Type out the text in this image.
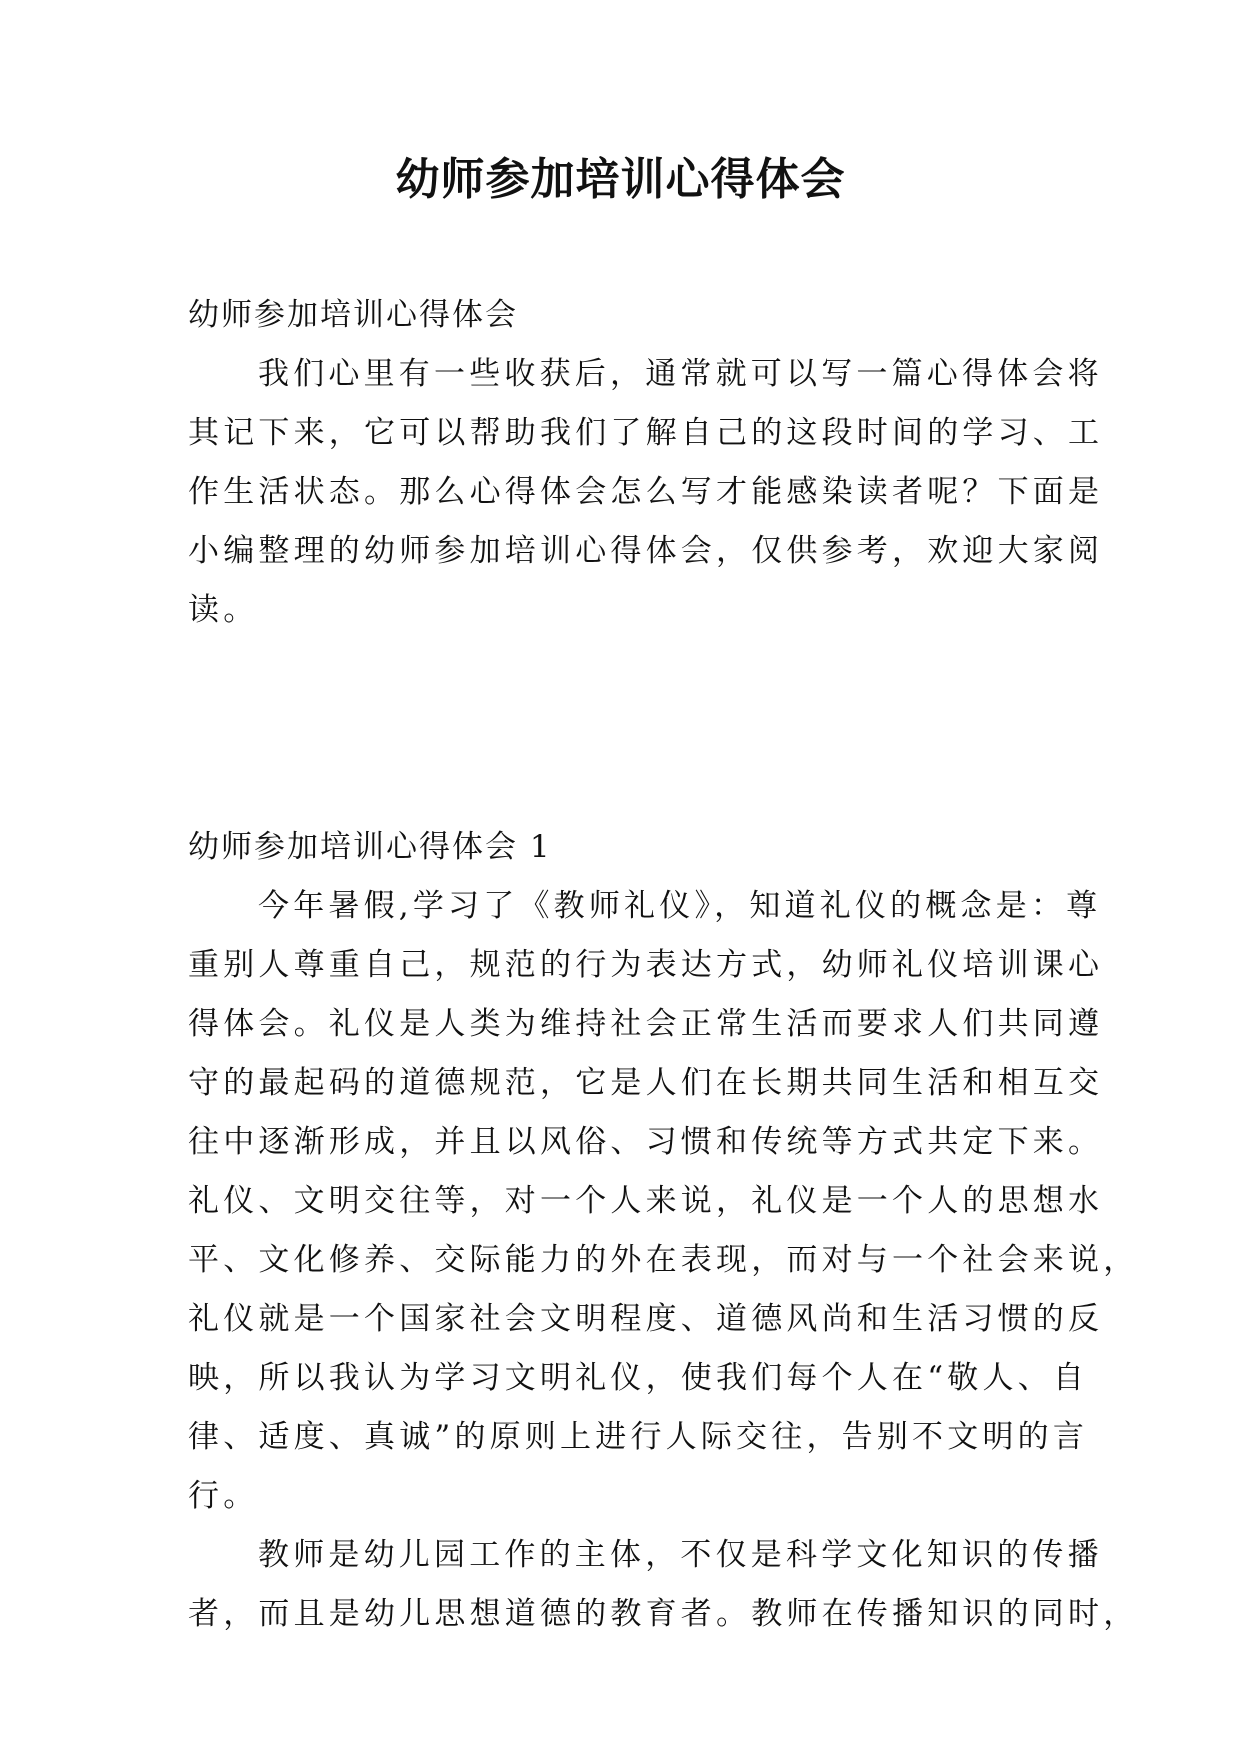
幼师参加培训心得体会
幼师参加培训心得体会
我们心里有一些收获后，通常就可以写一篇心得体会将
其记下来，它可以帮助我们了解自己的这段时间的学习、工
作生活状态。那么心得体会怎么写才能感染读者呢？下面是
小编整理的幼师参加培训心得体会，仅供参考，欢迎大家阅
读。
幼师参加培训心得体会 1
今年暑假,学习了《教师礼仪》，知道礼仪的概念是：尊
重别人尊重自己，规范的行为表达方式，幼师礼仪培训课心
得体会。礼仪是人类为维持社会正常生活而要求人们共同遵
守的最起码的道德规范，它是人们在长期共同生活和相互交
往中逐渐形成，并且以风俗、习惯和传统等方式共定下来。
礼仪、文明交往等，对一个人来说，礼仪是一个人的思想水
平、文化修养、交际能力的外在表现，而对与一个社会来说，
礼仪就是一个国家社会文明程度、道德风尚和生活习惯的反
映，所以我认为学习文明礼仪，使我们每个人在“敬人、自
律、适度、真诚”的原则上进行人际交往，告别不文明的言
行。
教师是幼儿园工作的主体，不仅是科学文化知识的传播
者，而且是幼儿思想道德的教育者。教师在传播知识的同时，
